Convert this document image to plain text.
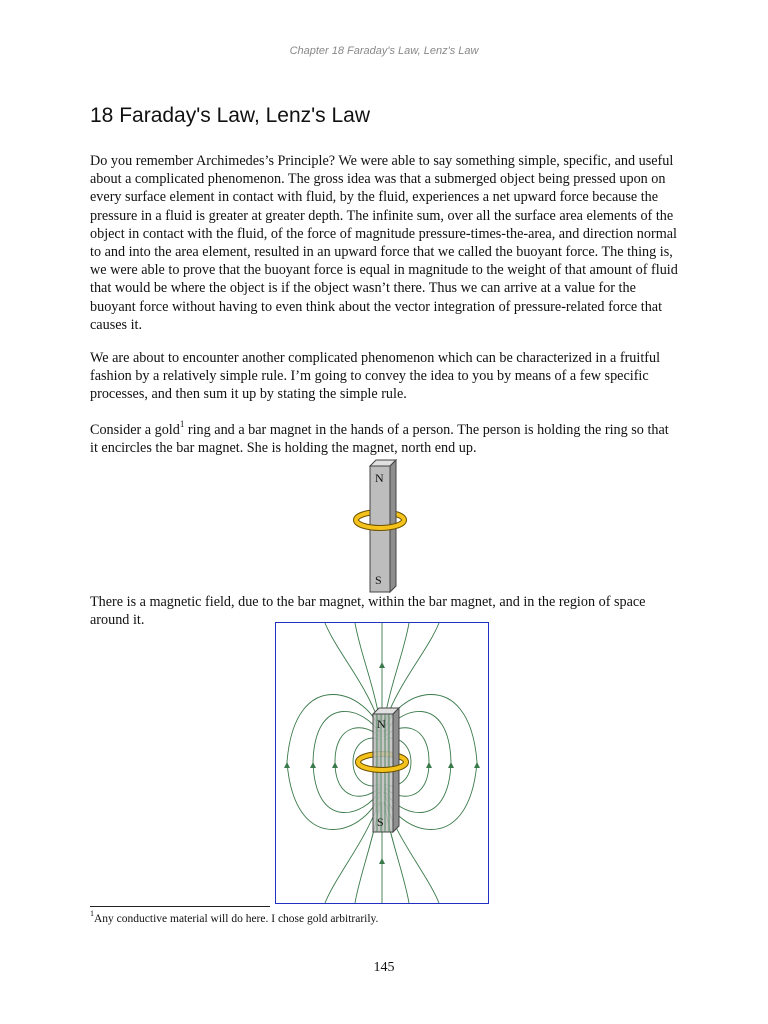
Chapter 18 Faraday's Law, Lenz's Law
18 Faraday's Law, Lenz's Law

Do you remember Archimedes’s Principle? We were able to say something simple, specific, and useful about a complicated phenomenon. The gross idea was that a submerged object being pressed upon on every surface element in contact with fluid, by the fluid, experiences a net upward force because the pressure in a fluid is greater at greater depth. The infinite sum, over all the surface area elements of the object in contact with the fluid, of the force of magnitude pressure-times-the-area, and direction normal to and into the area element, resulted in an upward force that we called the buoyant force. The thing is, we were able to prove that the buoyant force is equal in magnitude to the weight of that amount of fluid that would be where the object is if the object wasn’t there. Thus we can arrive at a value for the buoyant force without having to even think about the vector integration of pressure-related force that causes it.

We are about to encounter another complicated phenomenon which can be characterized in a fruitful fashion by a relatively simple rule. I’m going to convey the idea to you by means of a few specific processes, and then sum it up by stating the simple rule.

Consider a gold$^1$ ring and a bar magnet in the hands of a person. The person is holding the ring so that it encircles the bar magnet. She is holding the magnet, north end up.

N
S

There is a magnetic field, due to the bar magnet, within the bar magnet, and in the region of space around it.

N
S
$^1$Any conductive material will do here. I chose gold arbitrarily.
145
